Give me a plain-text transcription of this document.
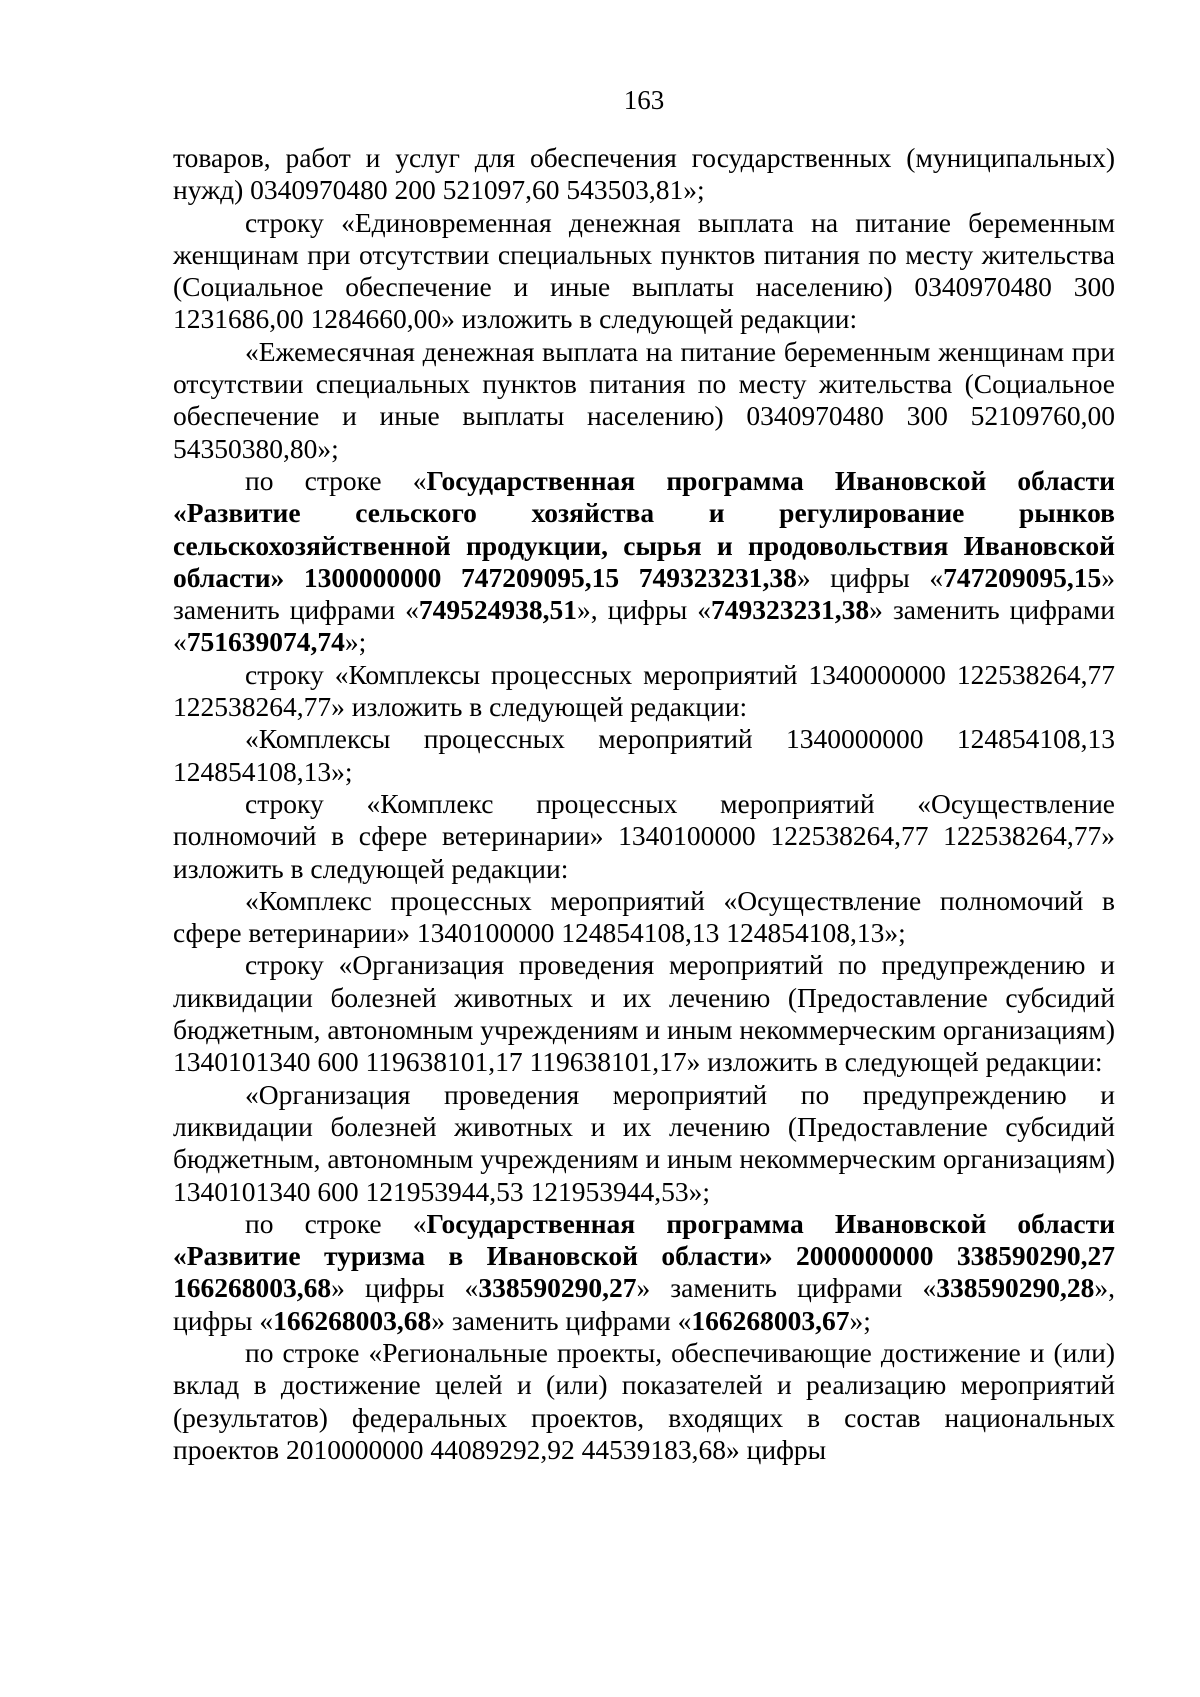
163

товаров, работ и услуг для обеспечения государственных (муниципальных) нужд) 0340970480 200 521097,60 543503,81»;

строку «Единовременная денежная выплата на питание беременным женщинам при отсутствии специальных пунктов питания по месту жительства (Социальное обеспечение и иные выплаты населению) 0340970480 300 1231686,00 1284660,00» изложить в следующей редакции:

«Ежемесячная денежная выплата на питание беременным женщинам при отсутствии специальных пунктов питания по месту жительства (Социальное обеспечение и иные выплаты населению) 0340970480 300 52109760,00 54350380,80»;

по строке «Государственная программа Ивановской области «Развитие сельского хозяйства и регулирование рынков сельскохозяйственной продукции, сырья и продовольствия Ивановской области» 1300000000 747209095,15 749323231,38» цифры «747209095,15» заменить цифрами «749524938,51», цифры «749323231,38» заменить цифрами «751639074,74»;

строку «Комплексы процессных мероприятий 1340000000 122538264,77 122538264,77» изложить в следующей редакции:

«Комплексы процессных мероприятий 1340000000 124854108,13 124854108,13»;

строку «Комплекс процессных мероприятий «Осуществление полномочий в сфере ветеринарии» 1340100000 122538264,77 122538264,77» изложить в следующей редакции:

«Комплекс процессных мероприятий «Осуществление полномочий в сфере ветеринарии» 1340100000 124854108,13 124854108,13»;

строку «Организация проведения мероприятий по предупреждению и ликвидации болезней животных и их лечению (Предоставление субсидий бюджетным, автономным учреждениям и иным некоммерческим организациям) 1340101340 600 119638101,17 119638101,17» изложить в следующей редакции:

«Организация проведения мероприятий по предупреждению и ликвидации болезней животных и их лечению (Предоставление субсидий бюджетным, автономным учреждениям и иным некоммерческим организациям) 1340101340 600 121953944,53 121953944,53»;

по строке «Государственная программа Ивановской области «Развитие туризма в Ивановской области» 2000000000 338590290,27 166268003,68» цифры «338590290,27» заменить цифрами «338590290,28», цифры «166268003,68» заменить цифрами «166268003,67»;

по строке «Региональные проекты, обеспечивающие достижение и (или) вклад в достижение целей и (или) показателей и реализацию мероприятий (результатов) федеральных проектов, входящих в состав национальных проектов 2010000000 44089292,92 44539183,68» цифры
